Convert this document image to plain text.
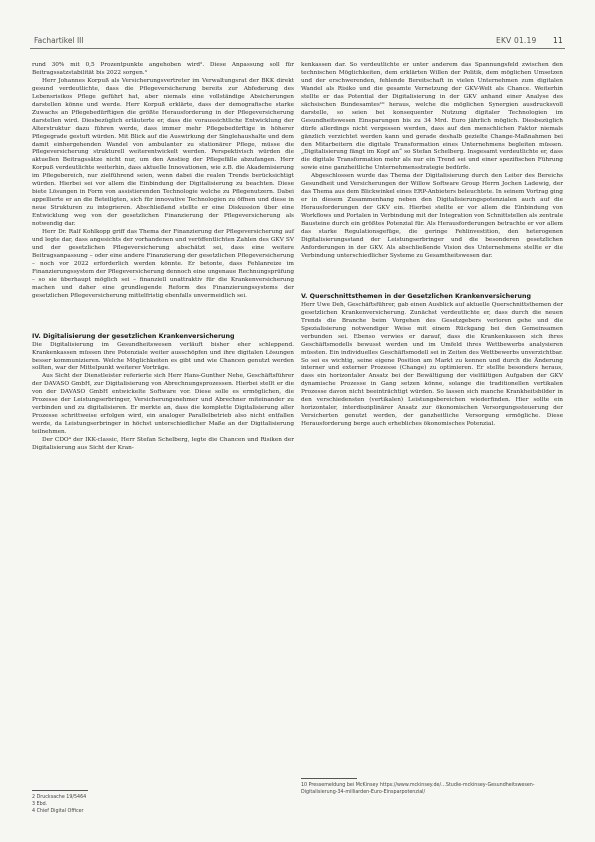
Fachartikel III	EKV 01.19 11

rund 30% mit 0,5 Prozentpunkte angehoben wird². Diese Anpassung soll für Beitragssatzstabilität bis 2022 sorgen.³

Herr Johannes Korpuß als Versicherungsvertreter im Verwaltungsrat der BKK direkt gesund verdeutlichte, dass die Pflegeversicherung bereits zur Abfederung des Lebensrisikos Pflege geführt hat, aber niemals eine vollständige Absicherungen darstellen könne und werde. Herr Korpuß erklärte, dass der demografische starke Zuwachs an Pflegebedürftigen die größte Herausforderung in der Pflegeversicherung darstellen wird. Diesbezüglich erläuterte er, dass die voraussichtliche Entwicklung der Alterstruktur dazu führen werde, dass immer mehr Pflegebedürftige in höherer Pflegegrade gestuft würden. Mit Blick auf die Auswirkung der Singlehaushalte und dem damit einhergehenden Wandel von ambulanter zu stationärer Pflege, müsse die Pflegeversicherung strukturell weiterentwickelt werden. Perspektivisch würden die aktuellen Beitragssätze nicht nur, um den Anstieg der Pflegefälle abzufangen. Herr Korpuß verdeutlichte weiterhin, dass aktuelle Innovationen, wie z.B. die Akademisierung im Pflegebereich, nur zielführend seien, wenn dabei die realen Trends berücksichtigt würden. Hierbei sei vor allem die Einbindung der Digitalisierung zu beachten. Diese biete Lösungen in Form von assistierenden Technologie welche zu Pflegenutzern. Dabei appellierte er an die Beteiligten, sich für innovative Technologien zu öffnen und diese in neue Strukturen zu integrieren. Abschließend stellte er eine Diskussion über eine Entwicklung weg von der gesetzlichen Finanzierung der Pflegeversicherung als notwendig dar.

Herr Dr. Ralf Kohlkopp griff das Thema der Finanzierung der Pflegeversicherung auf und legte dar, dass angesichts der vorhandenen und veröffentlichten Zahlen des GKV SV und der gesetzlichen Pflegeversicherung abschätzt sei, dass eine weitere Beitragsanpassung – oder eine andere Finanzierung der gesetzlichen Pflegeversicherung – noch vor 2022 erforderlich werden könnte. Er betonte, dass Fehlanreize im Finanzierungssystem der Pflegeversicherung dennoch eine ungenaue Rechnungsprüfung – so sie überhaupt möglich sei – finanziell unattraktiv für die Krankenversicherung machen und daher eine grundlegende Reform des Finanzierungssystems der gesetzlichen Pflegeversicherung mittelfristig ebenfalls unvermeidlich sei.

IV. Digitalisierung der gesetzlichen Krankenversicherung

Die Digitalisierung im Gesundheitswesen verläuft bisher eher schleppend. Krankenkassen müssen ihre Potenziale weiter ausschöpfen und ihre digitalen Lösungen besser kommunizieren. Welche Möglichkeiten es gibt und wie Chancen genutzt werden sollten, war der Mittelpunkt weiterer Vorträge.

Aus Sicht der Dienstleister referierte sich Herr Hans-Gunther Nehe, Geschäftsführer der DAVASO GmbH, zur Digitalisierung von Abrechnungsprozessen. Hierbei stellt er die von der DAVASO GmbH entwickelte Software vor. Diese solle es ermöglichen, die Prozesse der Leistungserbringer, Versicherungsnehmer und Abrechner miteinander zu verbinden und zu digitalisieren. Er merkte an, dass die komplette Digitalisierung aller Prozesse schrittweise erfolgen wird, ein analoger Parallelbetrieb also nicht entfallen werde, da Leistungserbringer in höchst unterschiedlicher Maße an der Digitalisierung teilnehmen.

Der CDO⁴ der IKK-classic, Herr Stefan Schelberg, legte die Chancen und Risiken der Digitalisierung aus Sicht der Kran-

2 Drucksache 19/5464
3 Ebd.
4 Chief Digital Officer

kenkassen dar. So verdeutlichte er unter anderem das Spannungsfeld zwischen den technischen Möglichkeiten, dem erklärten Willen der Politik, dem möglichen Umsetzen und der erschwerenden, fehlende Bereitschaft in vielen Unternehmen zum digitalen Wandel als Risiko und die gesamte Vernetzung der GKV-Welt als Chance. Weiterhin stellte er das Potential der Digitalisierung in der GKV anhand einer Analyse des sächsischen Bundesamtes¹⁰ heraus, welche die möglichen Synergien ausdrucksvoll darstelle, so seien bei konsequenter Nutzung digitaler Technologien im Gesundheitswesen Einsparungen bis zu 34 Mrd. Euro jährlich möglich. Diesbezüglich dürfe allerdings nicht vergessen werden, dass auf den menschlichen Faktor niemals gänzlich verzichtet werden kann und gerade deshalb gezielte Change-Maßnahmen bei den Mitarbeitern die digitale Transformation eines Unternehmens begleiten müssen. „Digitalisierung fängt im Kopf an“ so Stefan Schelberg. Insgesamt verdeutlichte er, dass die digitale Transformation mehr als nur ein Trend sei und einer spezifischen Führung sowie eine ganzheitliche Unternehmensstrategie bedürfe.

Abgeschlossen wurde das Thema der Digitalisierung durch den Leiter des Bereichs Gesundheit und Versicherungen der Willow Software Group Herrn Jochen Ladewig, der das Thema aus dem Blickwinkel eines ERP-Anbieters beleuchtete. In seinem Vortrag ging er in diesem Zusammenhang neben den Digitalisierungspotenzialen auch auf die Herausforderungen der GKV ein. Hierbei stellte er vor allem die Einbindung von Workflows und Portalen in Verbindung mit der Integration von Schnittstellen als zentrale Bausteine durch ein größtes Potenzial für. Als Herausforderungen betrachte er vor allem das starke Regulationsgefüge, die geringe Fehlinvestition, den heterogenen Digitalisierungsstand der Leistungserbringer und die besonderen gesetzlichen Anforderungen in der GKV. Als abschließende Vision des Unternehmens stellte er die Verbindung unterschiedlicher Systeme zu Gesamtheitswesen dar.

V. Querschnittsthemen in der Gesetzlichen Krankenversicherung

Herr Uwe Deh, Geschäftsführer, gab einen Ausblick auf aktuelle Querschnittsthemen der gesetzlichen Krankenversicherung. Zunächst verdeutlichte er, dass durch die neuen Trends die Branche beim Vorgehen des Gesetzgebers verloren gehe und die Spezialisierung notwendiger Weise mit einem Rückgang bei den Gemeinsamen verbunden sei. Ebenso verwies er darauf, dass die Krankenkassen sich ihres Geschäftsmodells bewusst werden und im Umfeld ihres Wettbewerbs analysieren müssten. Ein individuelles Geschäftsmodell sei in Zeiten des Wettbewerbs unverzichtbar. So sei es wichtig, seine eigene Position am Markt zu kennen und durch die Änderung interner und externer Prozesse (Change) zu optimieren. Er stellte besonders heraus, dass ein horizontaler Ansatz bei der Bewältigung der vielfältigen Aufgaben der GKV dynamische Prozesse in Gang setzen könne, solange die traditionellen vertikalen Prozesse davon nicht beeinträchtigt würden. So lassen sich manche Krankheitsbilder in den verschiedensten (vertikalen) Leistungsbereichen wiederfinden. Hier sollte ein horizontaler, interdisziplinärer Ansatz zur ökonomischen Versorgungssteuerung der Versicherten genutzt werden, der ganzheitliche Versorgung ermögliche. Diese Herausforderung berge auch erhebliches ökonomisches Potenzial.

10 Pressemeldung bei McKinsey https://www.mckinsey.de/…Studie-mckinsey-Gesundheitswesen-Digitalisierung-34-milliarden-Euro-Einsparpotenzial/
